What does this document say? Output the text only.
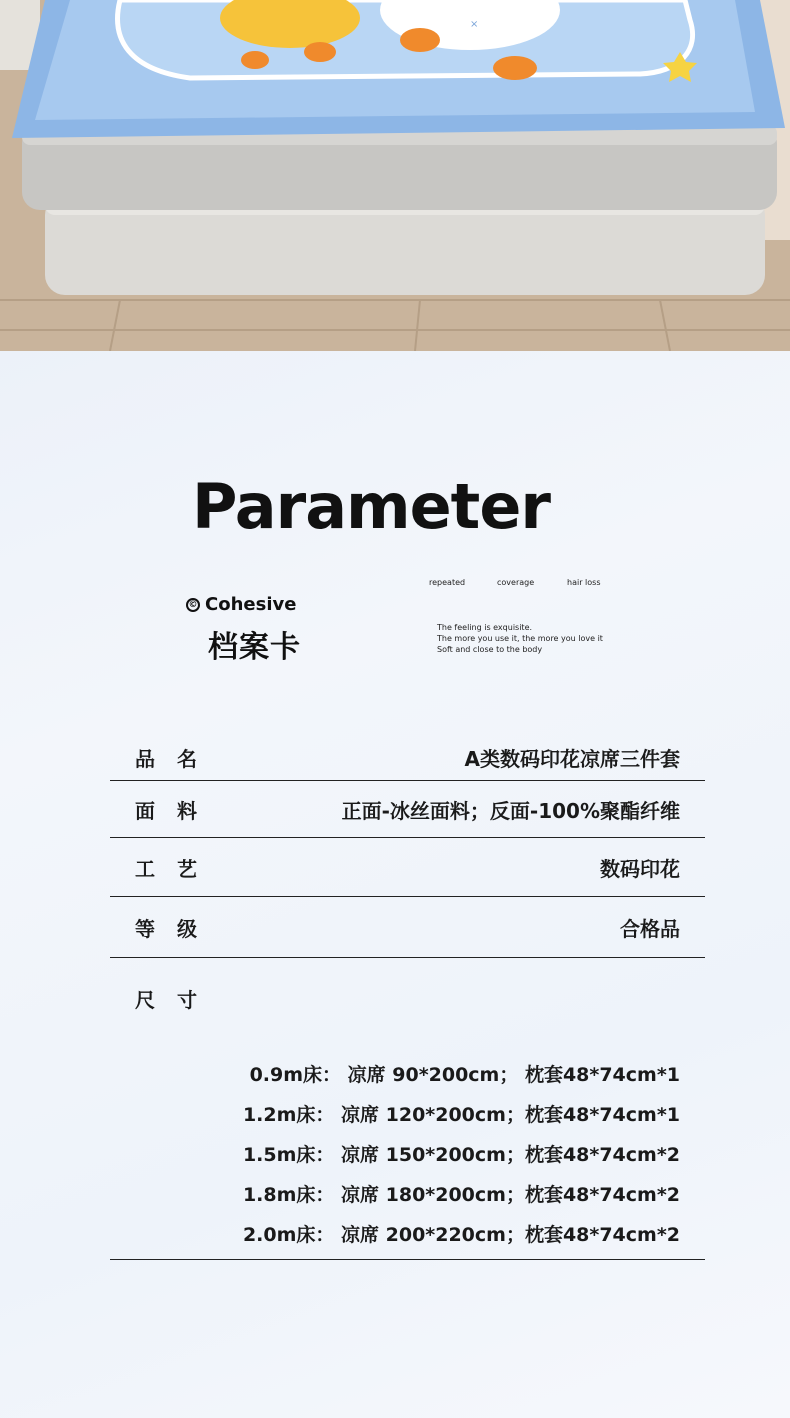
×
Parameter
© Cohesive
档案卡
repeated	coverage	hair loss
The feeling is exquisite.
The more you use it, the more you love it
Soft and close to the body
品名	A类数码印花凉席三件套
面料	正面-冰丝面料；反面-100%聚酯纤维
工艺	数码印花
等级	合格品
尺寸
0.9m床： 凉席 90*200cm； 枕套48*74cm*1
1.2m床： 凉席 120*200cm；枕套48*74cm*1
1.5m床： 凉席 150*200cm；枕套48*74cm*2
1.8m床： 凉席 180*200cm；枕套48*74cm*2
2.0m床： 凉席 200*220cm；枕套48*74cm*2
